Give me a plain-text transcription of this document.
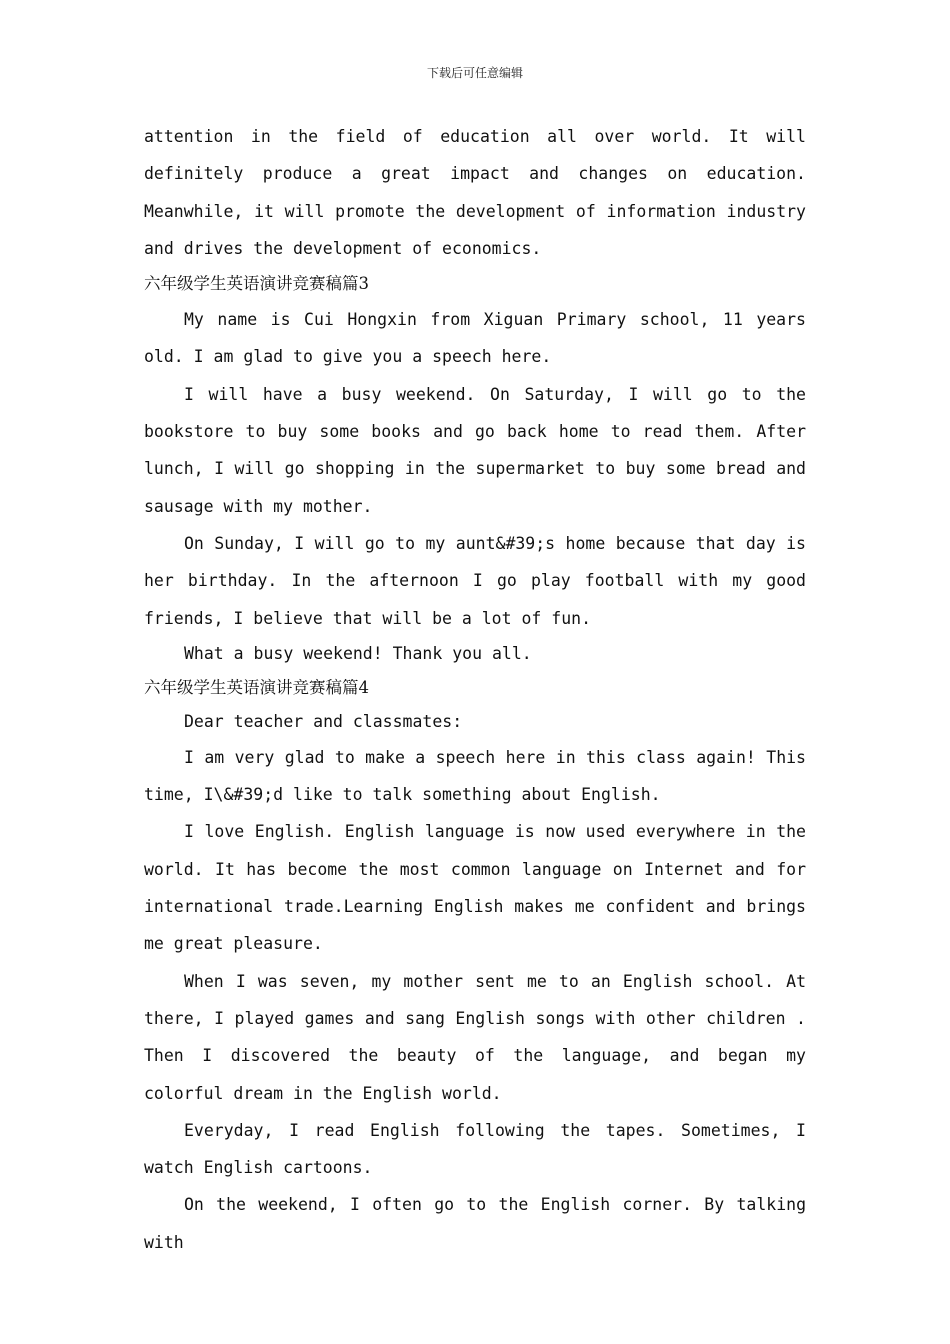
下载后可任意编辑

attention in the field of education all over world. It will definitely produce a great impact and changes on education. Meanwhile, it will promote the development of information industry and drives the development of economics.

六年级学生英语演讲竞赛稿篇3

My name is Cui Hongxin from Xiguan Primary school, 11 years old. I am glad to give you a speech here.

I will have a busy weekend. On Saturday, I will go to the bookstore to buy some books and go back home to read them. After lunch, I will go shopping in the supermarket to buy some bread and sausage with my mother.

On Sunday, I will go to my aunt&#39;s home because that day is her birthday. In the afternoon I go play football with my good friends, I believe that will be a lot of fun.

What a busy weekend! Thank you all.

六年级学生英语演讲竞赛稿篇4

Dear teacher and classmates:

I am very glad to make a speech here in this class again! This time, I\&#39;d like to talk something about English.

I love English. English language is now used everywhere in the world. It has become the most common language on Internet and for international trade.Learning English makes me confident and brings me great pleasure.

When I was seven, my mother sent me to an English school. At there, I played games and sang English songs with other children . Then I discovered the beauty of the language, and began my colorful dream in the English world.

Everyday, I read English following the tapes. Sometimes, I watch English cartoons.

On the weekend, I often go to the English corner. By talking with
